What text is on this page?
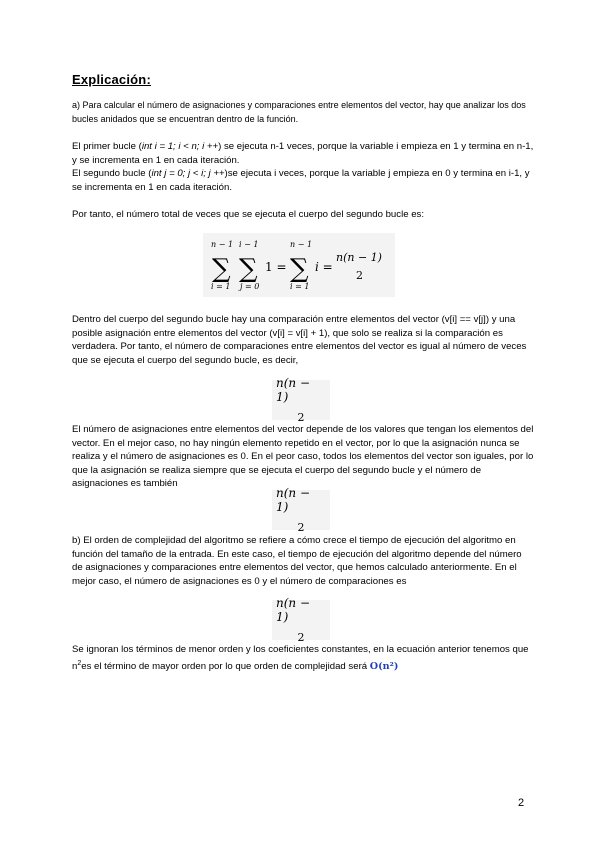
Explicación:
a) Para calcular el número de asignaciones y comparaciones entre elementos del vector, hay que analizar los dos bucles anidados que se encuentran dentro de la función.
El primer bucle (int i = 1; i < n; i ++) se ejecuta n-1 veces, porque la variable i empieza en 1 y termina en n-1, y se incrementa en 1 en cada iteración.
El segundo bucle (int j = 0; j < i; j ++)se ejecuta i veces, porque la variable j empieza en 0 y termina en i-1, y se incrementa en 1 en cada iteración.
Por tanto, el número total de veces que se ejecuta el cuerpo del segundo bucle es:
n − 1
∑
i = 1
i − 1
∑
j = 0
1 =
n − 1
∑
i = 1
i =
n(n − 1)
2
Dentro del cuerpo del segundo bucle hay una comparación entre elementos del vector (v[i] == v[j]) y una posible asignación entre elementos del vector (v[i] = v[i] + 1), que solo se realiza si la comparación es verdadera. Por tanto, el número de comparaciones entre elementos del vector es igual al número de veces que se ejecuta el cuerpo del segundo bucle, es decir,
n(n − 1)
2
El número de asignaciones entre elementos del vector depende de los valores que tengan los elementos del vector. En el mejor caso, no hay ningún elemento repetido en el vector, por lo que la asignación nunca se realiza y el número de asignaciones es 0. En el peor caso, todos los elementos del vector son iguales, por lo que la asignación se realiza siempre que se ejecuta el cuerpo del segundo bucle y el número de asignaciones es también
n(n − 1)
2
b) El orden de complejidad del algoritmo se refiere a cómo crece el tiempo de ejecución del algoritmo en función del tamaño de la entrada. En este caso, el tiempo de ejecución del algoritmo depende del número de asignaciones y comparaciones entre elementos del vector, que hemos calculado anteriormente. En el mejor caso, el número de asignaciones es 0 y el número de comparaciones es
n(n − 1)
2
Se ignoran los términos de menor orden y los coeficientes constantes, en la ecuación anterior tenemos que $n^2es$ el término de mayor orden por lo que orden de complejidad será O(n²)
2
